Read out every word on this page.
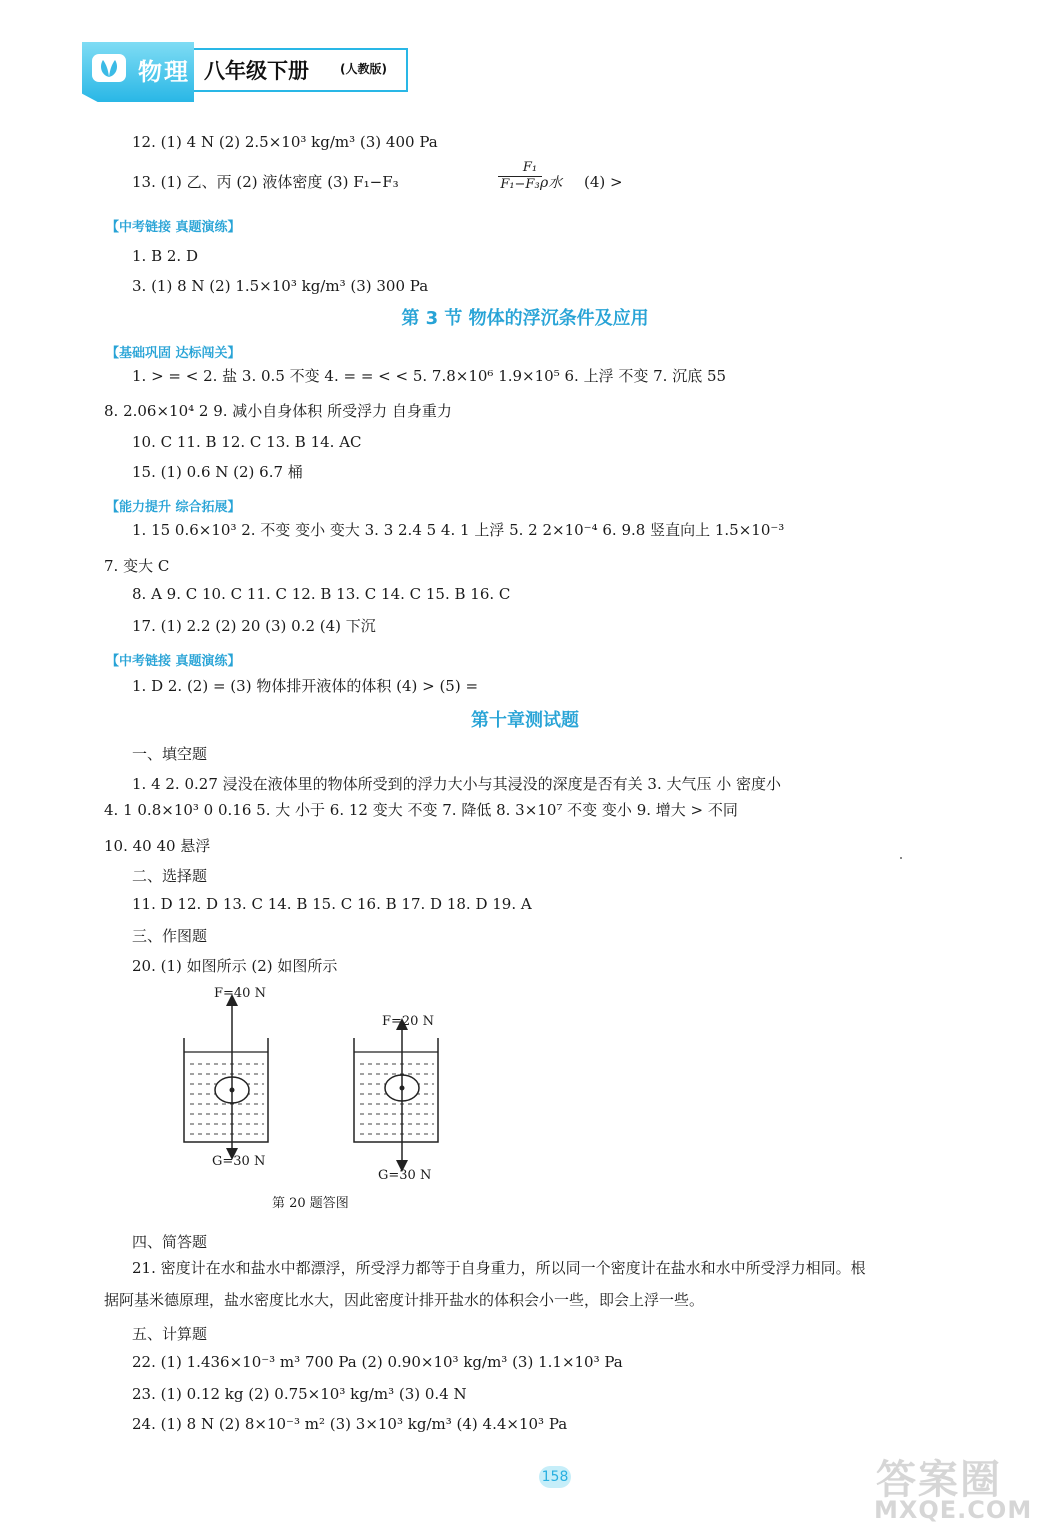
物理 八年级下册	(人教版)
12. (1) 4 N (2) 2.5×10³ kg/m³ (3) 400 Pa
13. (1) 乙、丙 (2) 液体密度 (3) F₁−F₃
F₁
F₁−F₃ ρ水 (4) >
【中考链接 真题演练】
1. B 2. D
3. (1) 8 N (2) 1.5×10³ kg/m³ (3) 300 Pa
第 3 节 物体的浮沉条件及应用
【基础巩固 达标闯关】
1. > = < 2. 盐 3. 0.5 不变 4. = = < < 5. 7.8×10⁶ 1.9×10⁵ 6. 上浮 不变 7. 沉底 55
8. 2.06×10⁴ 2 9. 减小自身体积 所受浮力 自身重力
10. C 11. B 12. C 13. B 14. AC
15. (1) 0.6 N (2) 6.7 桶
【能力提升 综合拓展】
1. 15 0.6×10³ 2. 不变 变小 变大 3. 3 2.4 5 4. 1 上浮 5. 2 2×10⁻⁴ 6. 9.8 竖直向上 1.5×10⁻³
7. 变大 C
8. A 9. C 10. C 11. C 12. B 13. C 14. C 15. B 16. C
17. (1) 2.2 (2) 20 (3) 0.2 (4) 下沉
【中考链接 真题演练】
1. D 2. (2) = (3) 物体排开液体的体积 (4) > (5) =
第十章测试题
一、填空题
1. 4 2. 0.27 浸没在液体里的物体所受到的浮力大小与其浸没的深度是否有关 3. 大气压 小 密度小
4. 1 0.8×10³ 0 0.16 5. 大 小于 6. 12 变大 不变 7. 降低 8. 3×10⁷ 不变 变小 9. 增大 > 不同
10. 40 40 悬浮
二、选择题
11. D 12. D 13. C 14. B 15. C 16. B 17. D 18. D 19. A
三、作图题
20. (1) 如图所示 (2) 如图所示
F=40 N
G=30 N
F=20 N
G=30 N
第 20 题答图
四、简答题
21. 密度计在水和盐水中都漂浮，所受浮力都等于自身重力，所以同一个密度计在盐水和水中所受浮力相同。根
据阿基米德原理，盐水密度比水大，因此密度计排开盐水的体积会小一些，即会上浮一些。
五、计算题
22. (1) 1.436×10⁻³ m³ 700 Pa (2) 0.90×10³ kg/m³ (3) 1.1×10³ Pa
23. (1) 0.12 kg (2) 0.75×10³ kg/m³ (3) 0.4 N
24. (1) 8 N (2) 8×10⁻³ m² (3) 3×10³ kg/m³ (4) 4.4×10³ Pa
158	答案圈
MXQE.COM
